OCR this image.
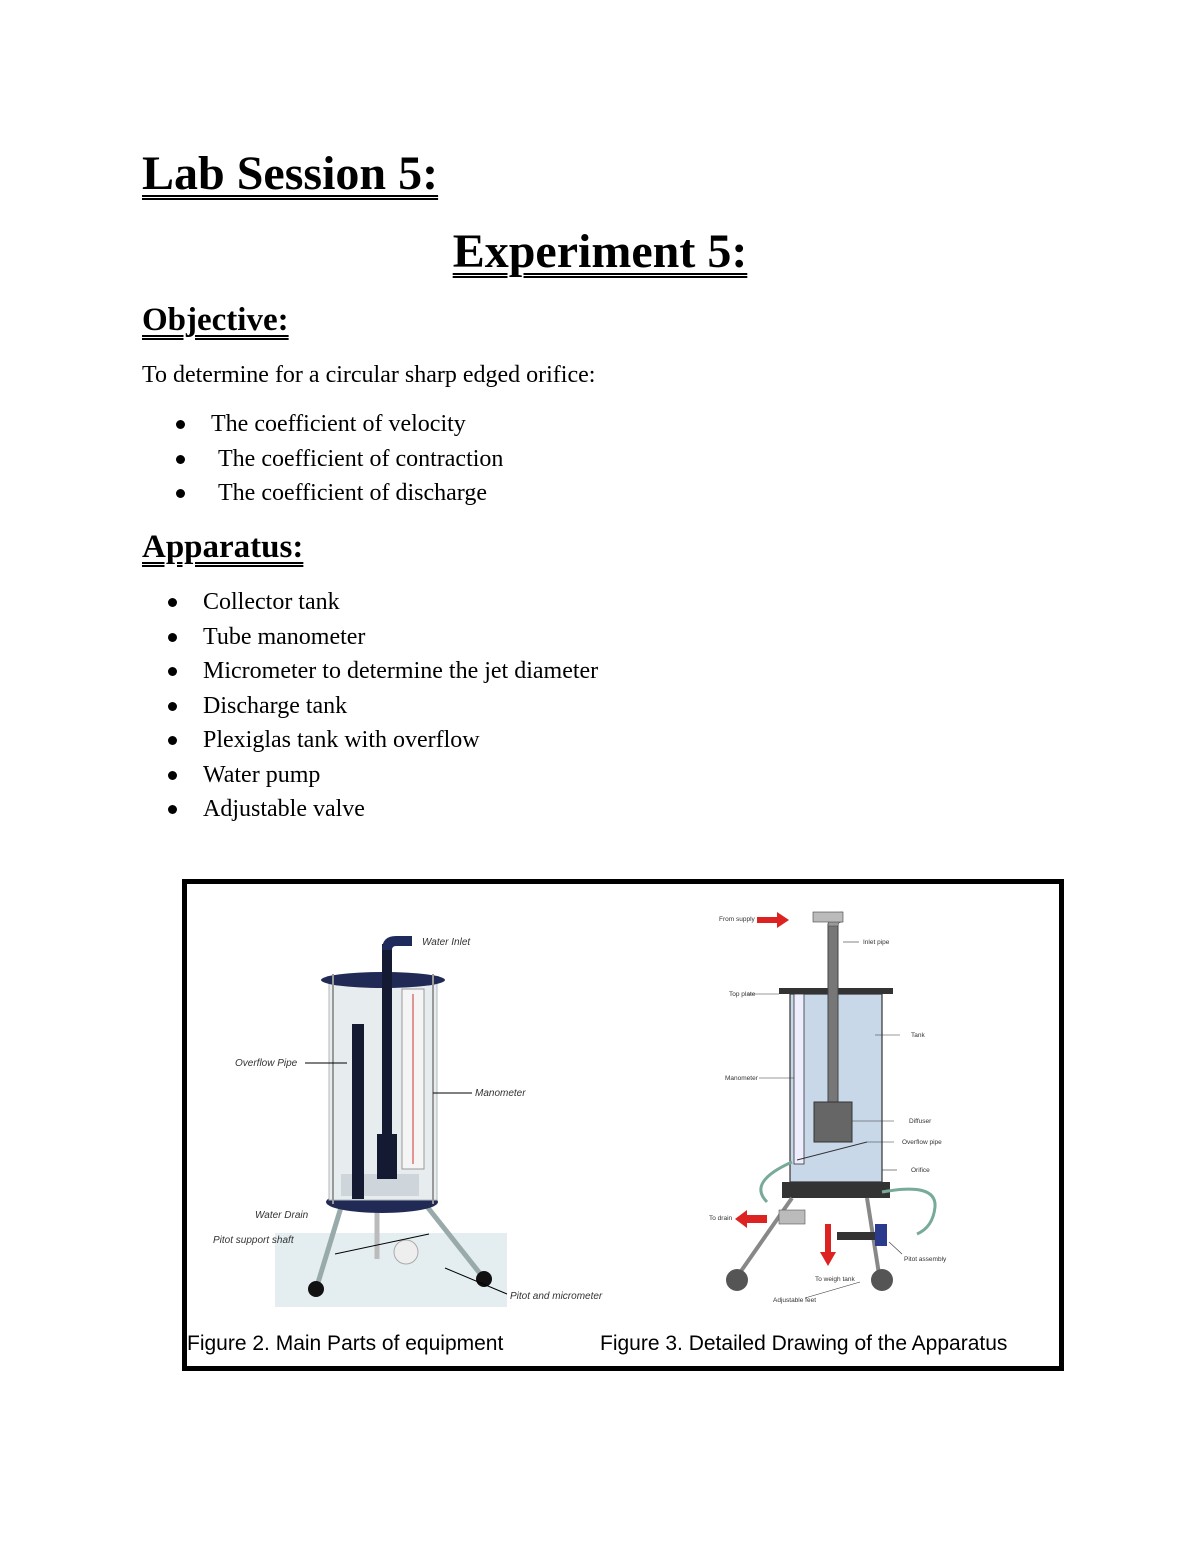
Lab Session 5:
Experiment 5:
Objective:
To determine for a circular sharp edged orifice:
The coefficient of velocity
The coefficient of contraction
The coefficient of discharge
Apparatus:
Collector tank
Tube manometer
Micrometer to determine the jet diameter
Discharge tank
Plexiglas tank with overflow
Water pump
Adjustable valve
Water Inlet
Overflow Pipe
Manometer
Water Drain
Pitot support shaft
Pitot and micrometer
From supply
Inlet pipe
Top plate
Tank
Manometer
Diffuser
Overflow pipe
Orifice
To drain
To weigh tank
Pitot assembly
Adjustable feet
Figure 2. Main Parts of equipment	Figure 3. Detailed Drawing of the Apparatus
